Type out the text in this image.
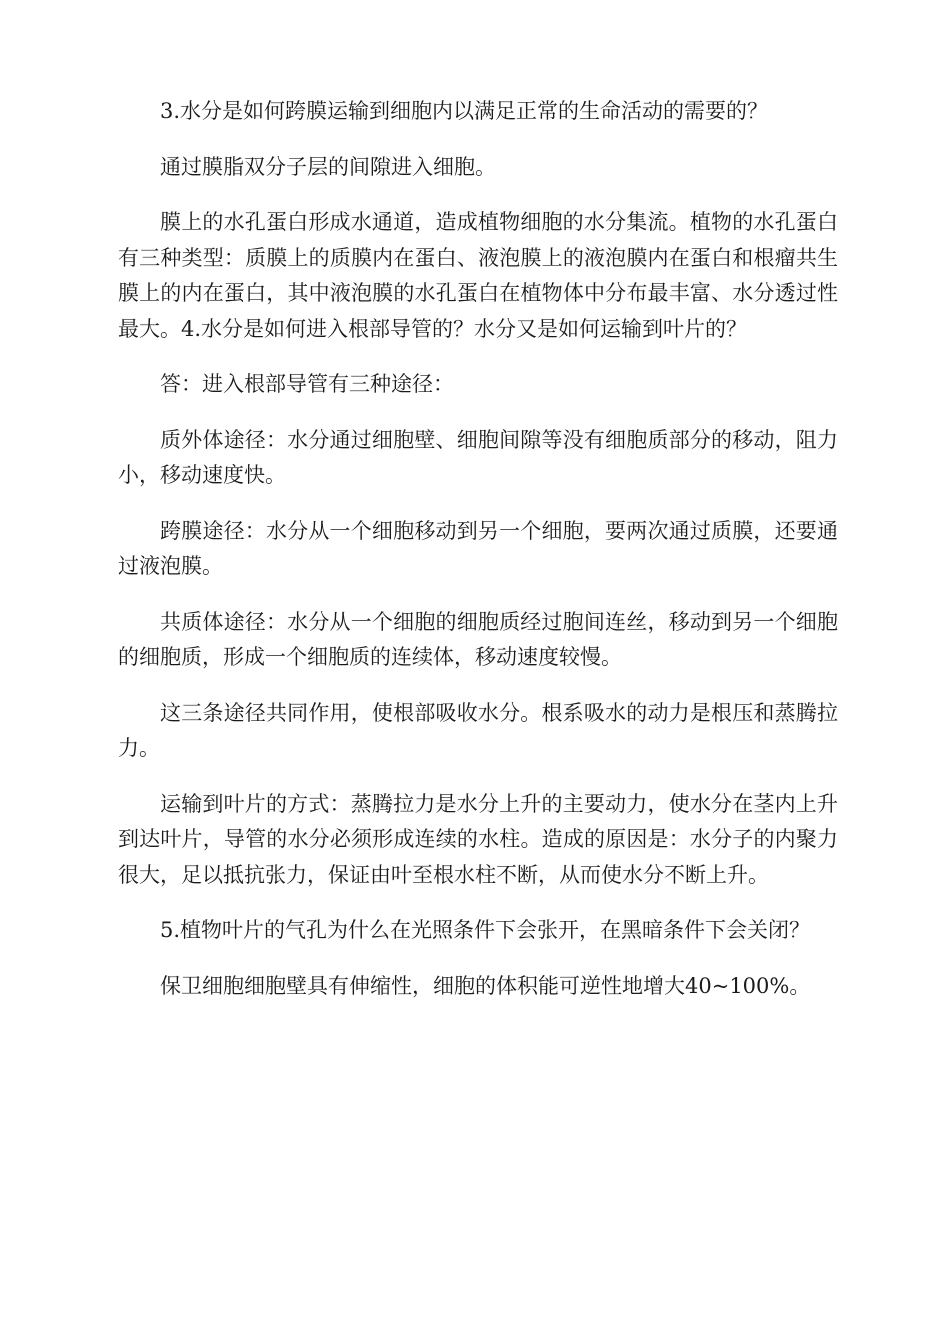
3.水分是如何跨膜运输到细胞内以满足正常的生命活动的需要的？

通过膜脂双分子层的间隙进入细胞。

膜上的水孔蛋白形成水通道，造成植物细胞的水分集流。植物的水孔蛋白有三种类型：质膜上的质膜内在蛋白、液泡膜上的液泡膜内在蛋白和根瘤共生膜上的内在蛋白，其中液泡膜的水孔蛋白在植物体中分布最丰富、水分透过性最大。4.水分是如何进入根部导管的？水分又是如何运输到叶片的？

答：进入根部导管有三种途径：

质外体途径：水分通过细胞壁、细胞间隙等没有细胞质部分的移动，阻力小，移动速度快。

跨膜途径：水分从一个细胞移动到另一个细胞，要两次通过质膜，还要通过液泡膜。

共质体途径：水分从一个细胞的细胞质经过胞间连丝，移动到另一个细胞的细胞质，形成一个细胞质的连续体，移动速度较慢。

这三条途径共同作用，使根部吸收水分。根系吸水的动力是根压和蒸腾拉力。

运输到叶片的方式：蒸腾拉力是水分上升的主要动力，使水分在茎内上升到达叶片，导管的水分必须形成连续的水柱。造成的原因是：水分子的内聚力很大，足以抵抗张力，保证由叶至根水柱不断，从而使水分不断上升。

5.植物叶片的气孔为什么在光照条件下会张开，在黑暗条件下会关闭？

保卫细胞细胞壁具有伸缩性，细胞的体积能可逆性地增大40~100%。
